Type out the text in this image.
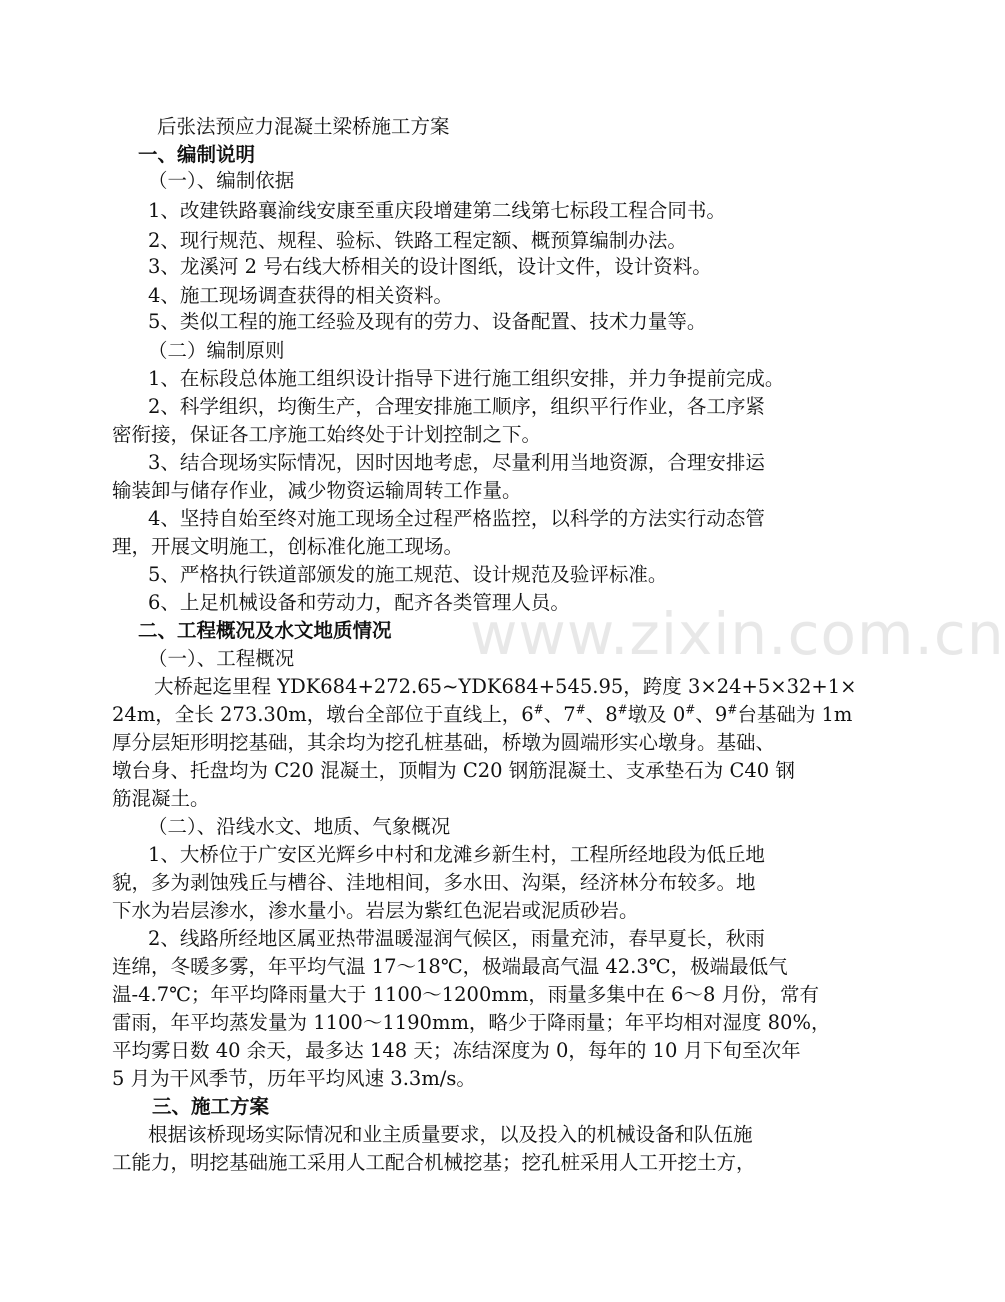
后张法预应力混凝土梁桥施工方案
一、编制说明
（一）、编制依据
1、改建铁路襄渝线安康至重庆段增建第二线第七标段工程合同书。
2、现行规范、规程、验标、铁路工程定额、概预算编制办法。
3、龙溪河 2 号右线大桥相关的设计图纸，设计文件，设计资料。
4、施工现场调查获得的相关资料。
5、类似工程的施工经验及现有的劳力、设备配置、技术力量等。
（二）编制原则
1、在标段总体施工组织设计指导下进行施工组织安排，并力争提前完成。
2、科学组织，均衡生产，合理安排施工顺序，组织平行作业，各工序紧
密衔接，保证各工序施工始终处于计划控制之下。
3、结合现场实际情况，因时因地考虑，尽量利用当地资源，合理安排运
输装卸与储存作业，减少物资运输周转工作量。
4、坚持自始至终对施工现场全过程严格监控，以科学的方法实行动态管
理，开展文明施工，创标准化施工现场。
5、严格执行铁道部颁发的施工规范、设计规范及验评标准。
6、上足机械设备和劳动力，配齐各类管理人员。
二、工程概况及水文地质情况
（一）、工程概况
大桥起迄里程 YDK684+272.65~YDK684+545.95，跨度 3×24+5×32+1×
24m，全长 273.30m，墩台全部位于直线上，6#、7#、8#墩及 0#、9#台基础为 1m
厚分层矩形明挖基础，其余均为挖孔桩基础，桥墩为圆端形实心墩身。基础、
墩台身、托盘均为 C20 混凝土，顶帽为 C20 钢筋混凝土、支承垫石为 C40 钢
筋混凝土。
（二）、沿线水文、地质、气象概况
1、大桥位于广安区光辉乡中村和龙滩乡新生村，工程所经地段为低丘地
貌，多为剥蚀残丘与槽谷、洼地相间，多水田、沟渠，经济林分布较多。地
下水为岩层渗水，渗水量小。岩层为紫红色泥岩或泥质砂岩。
2、线路所经地区属亚热带温暖湿润气候区，雨量充沛，春早夏长，秋雨
连绵，冬暖多雾，年平均气温 17～18℃，极端最高气温 42.3℃，极端最低气
温-4.7℃；年平均降雨量大于 1100～1200mm，雨量多集中在 6～8 月份，常有
雷雨，年平均蒸发量为 1100～1190mm，略少于降雨量；年平均相对湿度 80%，
平均雾日数 40 余天，最多达 148 天；冻结深度为 0，每年的 10 月下旬至次年
5 月为干风季节，历年平均风速 3.3m/s。
三、施工方案
根据该桥现场实际情况和业主质量要求，以及投入的机械设备和队伍施
工能力，明挖基础施工采用人工配合机械挖基；挖孔桩采用人工开挖土方，
www.zixin.com.cn
